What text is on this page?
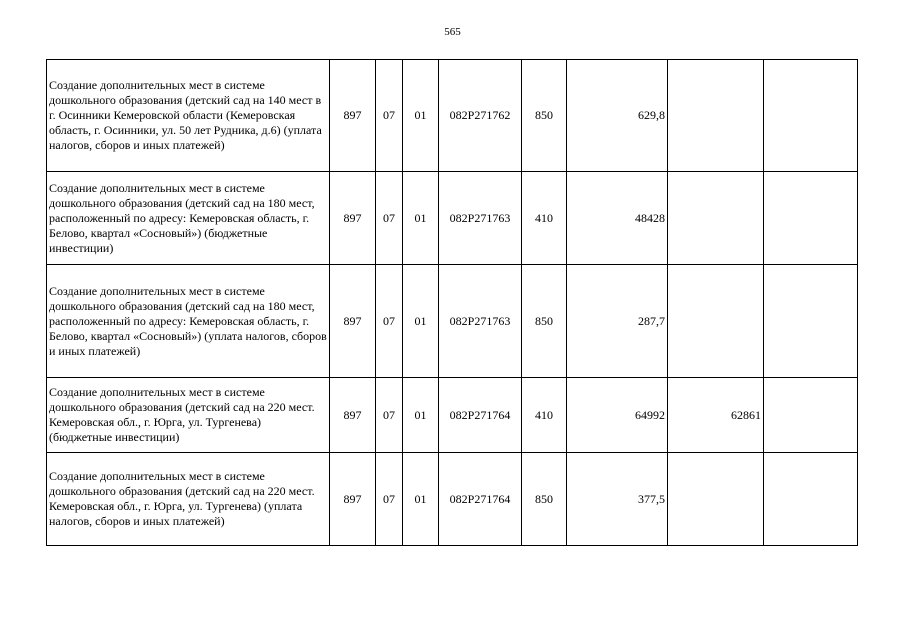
565
Создание дополнительных мест в системе дошкольного образования (детский сад на 140 мест в г. Осинники Кемеровской области (Кемеровская область, г. Осинники, ул. 50 лет Рудника, д.6) (уплата налогов, сборов и иных платежей)	897	07	01	082P271762	850	629,8		
Создание дополнительных мест в системе дошкольного образования (детский сад на 180 мест, расположенный по адресу: Кемеровская область, г. Белово, квартал «Сосновый») (бюджетные инвестиции)	897	07	01	082P271763	410	48428		
Создание дополнительных мест в системе дошкольного образования (детский сад на 180 мест, расположенный по адресу: Кемеровская область, г. Белово, квартал «Сосновый») (уплата налогов, сборов и иных платежей)	897	07	01	082P271763	850	287,7		
Создание дополнительных мест в системе дошкольного образования (детский сад на 220 мест. Кемеровская обл., г. Юрга, ул. Тургенева) (бюджетные инвестиции)	897	07	01	082P271764	410	64992	62861	
Создание дополнительных мест в системе дошкольного образования (детский сад на 220 мест. Кемеровская обл., г. Юрга, ул. Тургенева) (уплата налогов, сборов и иных платежей)	897	07	01	082P271764	850	377,5		
